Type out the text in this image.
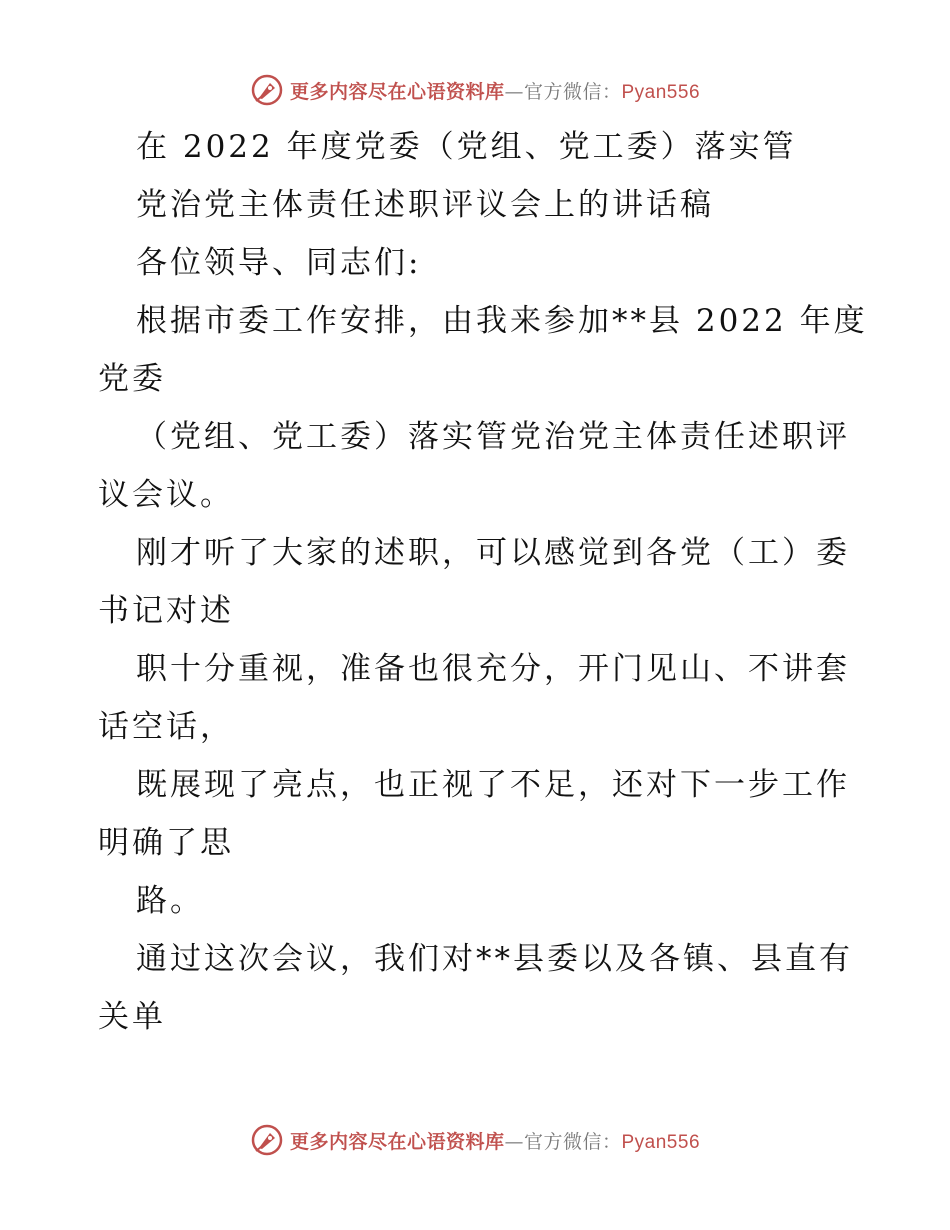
更多内容尽在心语资料库—官方微信：Pyan556
在 2022 年度党委（党组、党工委）落实管
党治党主体责任述职评议会上的讲话稿
各位领导、同志们:
根据市委工作安排，由我来参加**县 2022 年度
党委
（党组、党工委）落实管党治党主体责任述职评
议会议。
刚才听了大家的述职，可以感觉到各党（工）委
书记对述
职十分重视，准备也很充分，开门见山、不讲套
话空话，
既展现了亮点，也正视了不足，还对下一步工作
明确了思
路。
通过这次会议，我们对**县委以及各镇、县直有
关单
更多内容尽在心语资料库—官方微信：Pyan556
